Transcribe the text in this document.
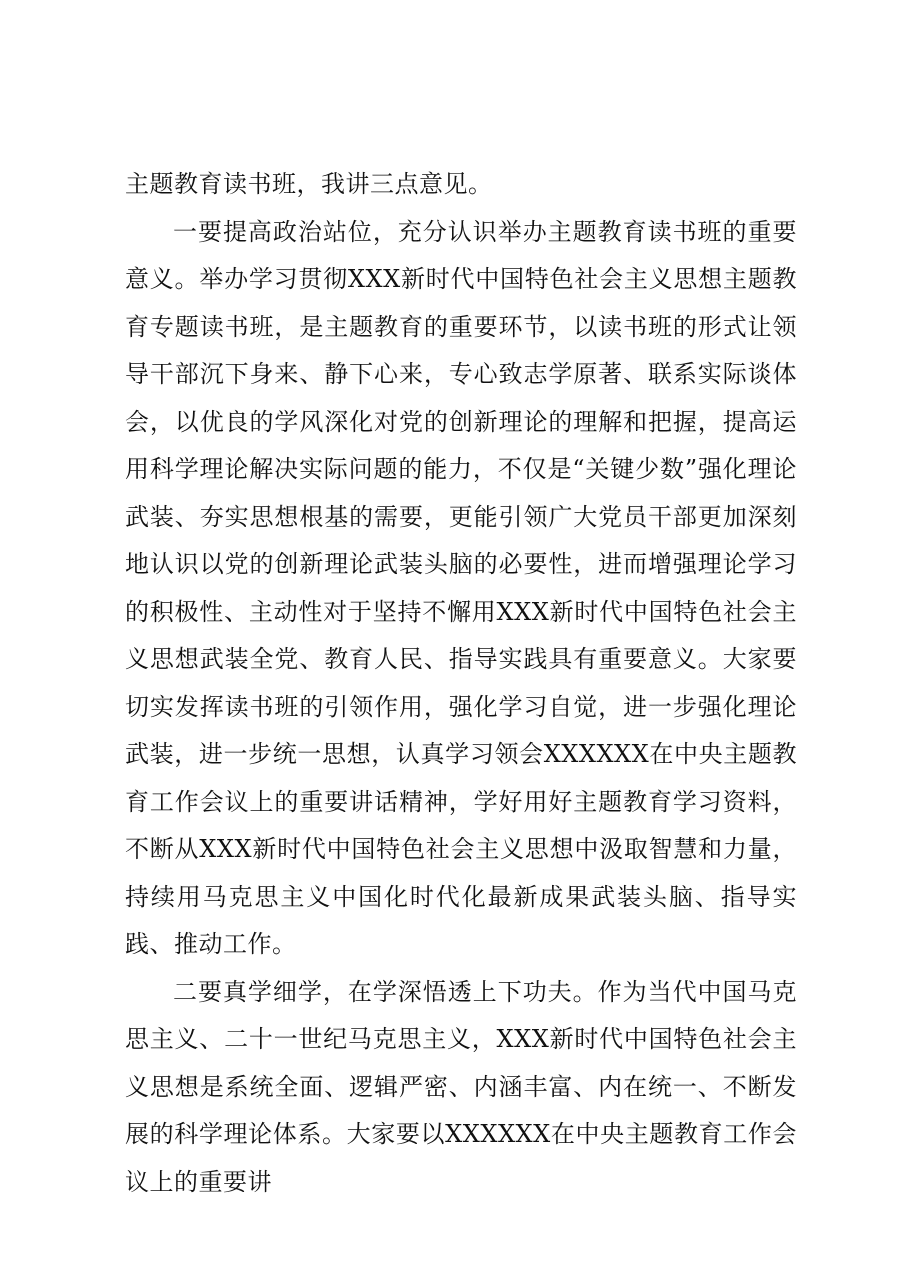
主题教育读书班，我讲三点意见。

一要提高政治站位，充分认识举办主题教育读书班的重要意义。举办学习贯彻XXX新时代中国特色社会主义思想主题教育专题读书班，是主题教育的重要环节，以读书班的形式让领导干部沉下身来、静下心来，专心致志学原著、联系实际谈体会，以优良的学风深化对党的创新理论的理解和把握，提高运用科学理论解决实际问题的能力，不仅是“关键少数”强化理论武装、夯实思想根基的需要，更能引领广大党员干部更加深刻地认识以党的创新理论武装头脑的必要性，进而增强理论学习的积极性、主动性对于坚持不懈用XXX新时代中国特色社会主义思想武装全党、教育人民、指导实践具有重要意义。大家要切实发挥读书班的引领作用，强化学习自觉，进一步强化理论武装，进一步统一思想，认真学习领会XXXXXX在中央主题教育工作会议上的重要讲话精神，学好用好主题教育学习资料，不断从XXX新时代中国特色社会主义思想中汲取智慧和力量，持续用马克思主义中国化时代化最新成果武装头脑、指导实践、推动工作。

二要真学细学，在学深悟透上下功夫。作为当代中国马克思主义、二十一世纪马克思主义，XXX新时代中国特色社会主义思想是系统全面、逻辑严密、内涵丰富、内在统一、不断发展的科学理论体系。大家要以XXXXXX在中央主题教育工作会议上的重要讲
